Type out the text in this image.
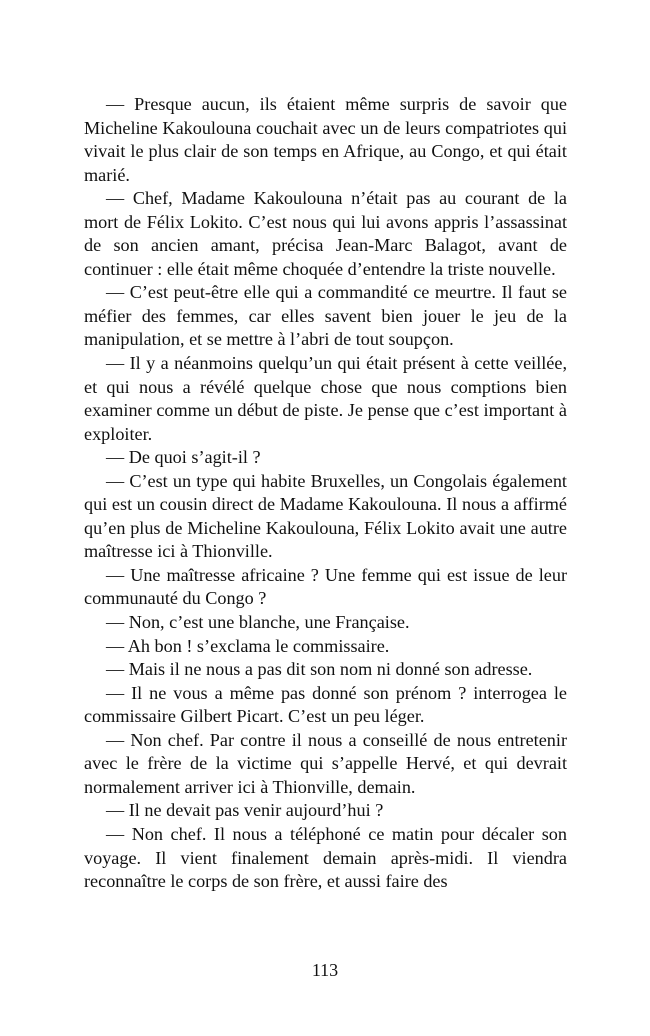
— Presque aucun, ils étaient même surpris de savoir que Micheline Kakoulouna couchait avec un de leurs compatriotes qui vivait le plus clair de son temps en Afrique, au Congo, et qui était marié.

— Chef, Madame Kakoulouna n’était pas au courant de la mort de Félix Lokito. C’est nous qui lui avons appris l’assassinat de son ancien amant, précisa Jean-Marc Balagot, avant de continuer : elle était même choquée d’entendre la triste nouvelle.

— C’est peut-être elle qui a commandité ce meurtre. Il faut se méfier des femmes, car elles savent bien jouer le jeu de la manipulation, et se mettre à l’abri de tout soupçon.

— Il y a néanmoins quelqu’un qui était présent à cette veillée, et qui nous a révélé quelque chose que nous comptions bien examiner comme un début de piste. Je pense que c’est important à exploiter.

— De quoi s’agit-il ?

— C’est un type qui habite Bruxelles, un Congolais également qui est un cousin direct de Madame Kakoulouna. Il nous a affirmé qu’en plus de Micheline Kakoulouna, Félix Lokito avait une autre maîtresse ici à Thionville.

— Une maîtresse africaine ? Une femme qui est issue de leur communauté du Congo ?

— Non, c’est une blanche, une Française.

— Ah bon ! s’exclama le commissaire.

— Mais il ne nous a pas dit son nom ni donné son adresse.

— Il ne vous a même pas donné son prénom ? interrogea le commissaire Gilbert Picart. C’est un peu léger.

— Non chef. Par contre il nous a conseillé de nous entretenir avec le frère de la victime qui s’appelle Hervé, et qui devrait normalement arriver ici à Thionville, demain.

— Il ne devait pas venir aujourd’hui ?

— Non chef. Il nous a téléphoné ce matin pour décaler son voyage. Il vient finalement demain après-midi. Il viendra reconnaître le corps de son frère, et aussi faire des

113
